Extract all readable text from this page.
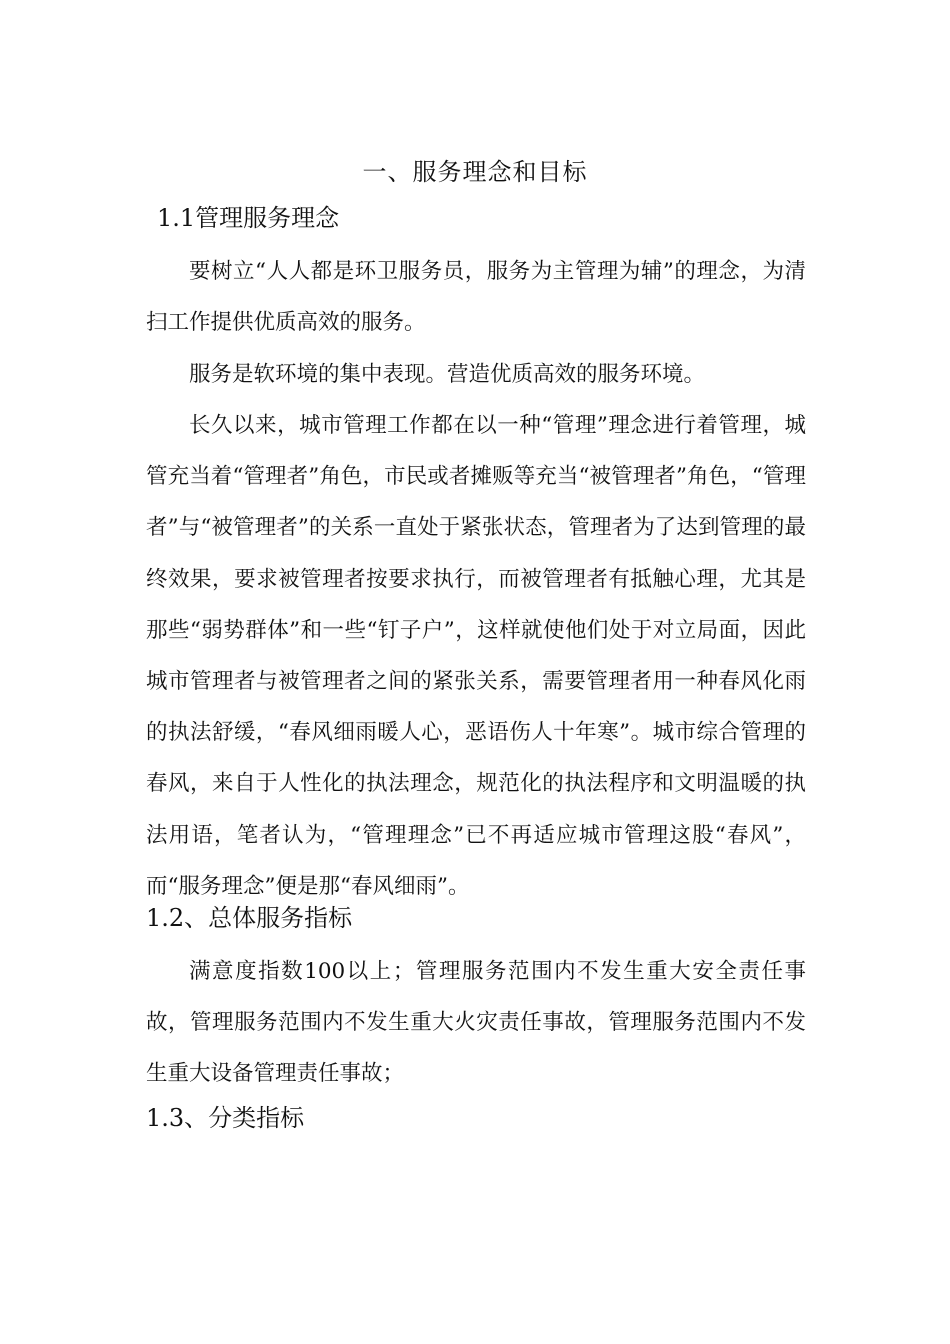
一、服务理念和目标
1.1管理服务理念
要树立“人人都是环卫服务员，服务为主管理为辅”的理念，为清扫工作提供优质高效的服务。
服务是软环境的集中表现。营造优质高效的服务环境。
长久以来，城市管理工作都在以一种“管理”理念进行着管理，城管充当着“管理者”角色，市民或者摊贩等充当“被管理者”角色，“管理者”与“被管理者”的关系一直处于紧张状态，管理者为了达到管理的最终效果，要求被管理者按要求执行，而被管理者有抵触心理，尤其是那些“弱势群体”和一些“钉子户”，这样就使他们处于对立局面，因此城市管理者与被管理者之间的紧张关系，需要管理者用一种春风化雨的执法舒缓，“春风细雨暖人心，恶语伤人十年寒”。城市综合管理的春风，来自于人性化的执法理念，规范化的执法程序和文明温暖的执法用语，笔者认为，“管理理念”已不再适应城市管理这股“春风”，而“服务理念”便是那“春风细雨”。
1.2、总体服务指标
满意度指数100以上；管理服务范围内不发生重大安全责任事故，管理服务范围内不发生重大火灾责任事故，管理服务范围内不发生重大设备管理责任事故；
1.3、分类指标
